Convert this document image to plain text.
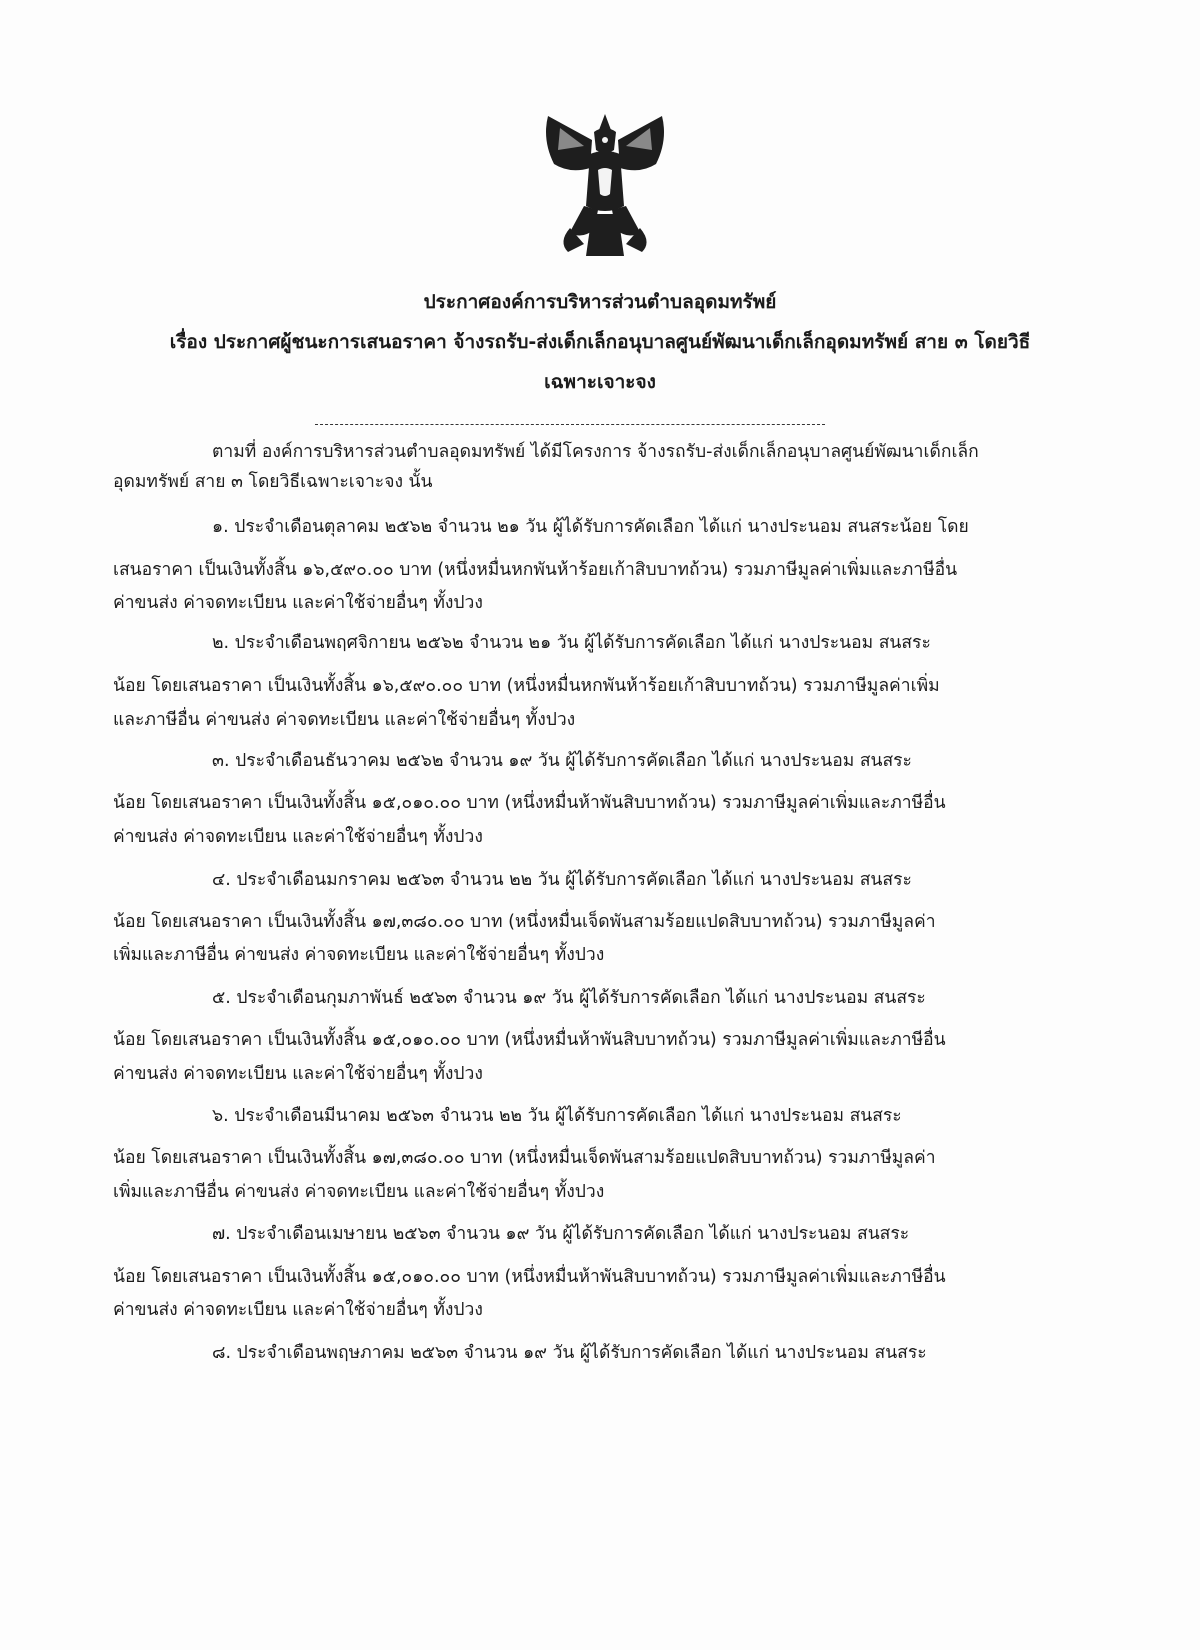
ประกาศองค์การบริหารส่วนตำบลอุดมทรัพย์
เรื่อง ประกาศผู้ชนะการเสนอราคา จ้างรถรับ-ส่งเด็กเล็กอนุบาลศูนย์พัฒนาเด็กเล็กอุดมทรัพย์ สาย ๓ โดยวิธี
เฉพาะเจาะจง
ตามที่ องค์การบริหารส่วนตำบลอุดมทรัพย์ ได้มีโครงการ จ้างรถรับ-ส่งเด็กเล็กอนุบาลศูนย์พัฒนาเด็กเล็ก
อุดมทรัพย์ สาย ๓ โดยวิธีเฉพาะเจาะจง นั้น
๑. ประจำเดือนตุลาคม ๒๕๖๒ จำนวน ๒๑ วัน ผู้ได้รับการคัดเลือก ได้แก่ นางประนอม สนสระน้อย โดย
เสนอราคา เป็นเงินทั้งสิ้น ๑๖,๕๙๐.๐๐ บาท (หนึ่งหมื่นหกพันห้าร้อยเก้าสิบบาทถ้วน) รวมภาษีมูลค่าเพิ่มและภาษีอื่น
ค่าขนส่ง ค่าจดทะเบียน และค่าใช้จ่ายอื่นๆ ทั้งปวง
๒. ประจำเดือนพฤศจิกายน ๒๕๖๒ จำนวน ๒๑ วัน ผู้ได้รับการคัดเลือก ได้แก่ นางประนอม สนสระ
น้อย โดยเสนอราคา เป็นเงินทั้งสิ้น ๑๖,๕๙๐.๐๐ บาท (หนึ่งหมื่นหกพันห้าร้อยเก้าสิบบาทถ้วน) รวมภาษีมูลค่าเพิ่ม
และภาษีอื่น ค่าขนส่ง ค่าจดทะเบียน และค่าใช้จ่ายอื่นๆ ทั้งปวง
๓. ประจำเดือนธันวาคม ๒๕๖๒ จำนวน ๑๙ วัน ผู้ได้รับการคัดเลือก ได้แก่ นางประนอม สนสระ
น้อย โดยเสนอราคา เป็นเงินทั้งสิ้น ๑๕,๐๑๐.๐๐ บาท (หนึ่งหมื่นห้าพันสิบบาทถ้วน) รวมภาษีมูลค่าเพิ่มและภาษีอื่น
ค่าขนส่ง ค่าจดทะเบียน และค่าใช้จ่ายอื่นๆ ทั้งปวง
๔. ประจำเดือนมกราคม ๒๕๖๓ จำนวน ๒๒ วัน ผู้ได้รับการคัดเลือก ได้แก่ นางประนอม สนสระ
น้อย โดยเสนอราคา เป็นเงินทั้งสิ้น ๑๗,๓๘๐.๐๐ บาท (หนึ่งหมื่นเจ็ดพันสามร้อยแปดสิบบาทถ้วน) รวมภาษีมูลค่า
เพิ่มและภาษีอื่น ค่าขนส่ง ค่าจดทะเบียน และค่าใช้จ่ายอื่นๆ ทั้งปวง
๕. ประจำเดือนกุมภาพันธ์ ๒๕๖๓ จำนวน ๑๙ วัน ผู้ได้รับการคัดเลือก ได้แก่ นางประนอม สนสระ
น้อย โดยเสนอราคา เป็นเงินทั้งสิ้น ๑๕,๐๑๐.๐๐ บาท (หนึ่งหมื่นห้าพันสิบบาทถ้วน) รวมภาษีมูลค่าเพิ่มและภาษีอื่น
ค่าขนส่ง ค่าจดทะเบียน และค่าใช้จ่ายอื่นๆ ทั้งปวง
๖. ประจำเดือนมีนาคม ๒๕๖๓ จำนวน ๒๒ วัน ผู้ได้รับการคัดเลือก ได้แก่ นางประนอม สนสระ
น้อย โดยเสนอราคา เป็นเงินทั้งสิ้น ๑๗,๓๘๐.๐๐ บาท (หนึ่งหมื่นเจ็ดพันสามร้อยแปดสิบบาทถ้วน) รวมภาษีมูลค่า
เพิ่มและภาษีอื่น ค่าขนส่ง ค่าจดทะเบียน และค่าใช้จ่ายอื่นๆ ทั้งปวง
๗. ประจำเดือนเมษายน ๒๕๖๓ จำนวน ๑๙ วัน ผู้ได้รับการคัดเลือก ได้แก่ นางประนอม สนสระ
น้อย โดยเสนอราคา เป็นเงินทั้งสิ้น ๑๕,๐๑๐.๐๐ บาท (หนึ่งหมื่นห้าพันสิบบาทถ้วน) รวมภาษีมูลค่าเพิ่มและภาษีอื่น
ค่าขนส่ง ค่าจดทะเบียน และค่าใช้จ่ายอื่นๆ ทั้งปวง
๘. ประจำเดือนพฤษภาคม ๒๕๖๓ จำนวน ๑๙ วัน ผู้ได้รับการคัดเลือก ได้แก่ นางประนอม สนสระ
